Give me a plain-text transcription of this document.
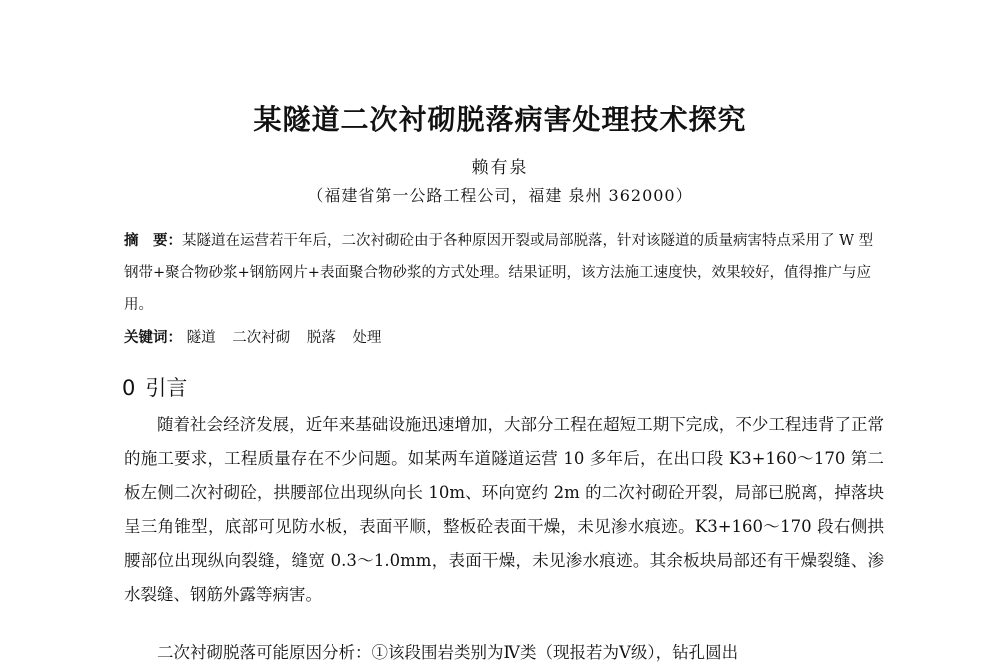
某隧道二次衬砌脱落病害处理技术探究
赖有泉
（福建省第一公路工程公司，福建 泉州 362000）

摘　要：某隧道在运营若干年后，二次衬砌砼由于各种原因开裂或局部脱落，针对该隧道的质量病害特点采用了 W 型钢带+聚合物砂浆+钢筋网片+表面聚合物砂浆的方式处理。结果证明，该方法施工速度快，效果较好，值得推广与应用。

关键词： 隧道 二次衬砌 脱落 处理
0 引言

随着社会经济发展，近年来基础设施迅速增加，大部分工程在超短工期下完成，不少工程违背了正常的施工要求，工程质量存在不少问题。如某两车道隧道运营 10 多年后，在出口段 K3+160～170 第二板左侧二次衬砌砼，拱腰部位出现纵向长 10m、环向宽约 2m 的二次衬砌砼开裂，局部已脱离，掉落块呈三角锥型，底部可见防水板，表面平顺，整板砼表面干燥，未见渗水痕迹。K3+160～170 段右侧拱腰部位出现纵向裂缝，缝宽 0.3～1.0mm，表面干燥，未见渗水痕迹。其余板块局部还有干燥裂缝、渗水裂缝、钢筋外露等病害。

二次衬砌脱落可能原因分析：①该段围岩类别为Ⅳ类（现报若为Ⅴ级），钻孔圆出
